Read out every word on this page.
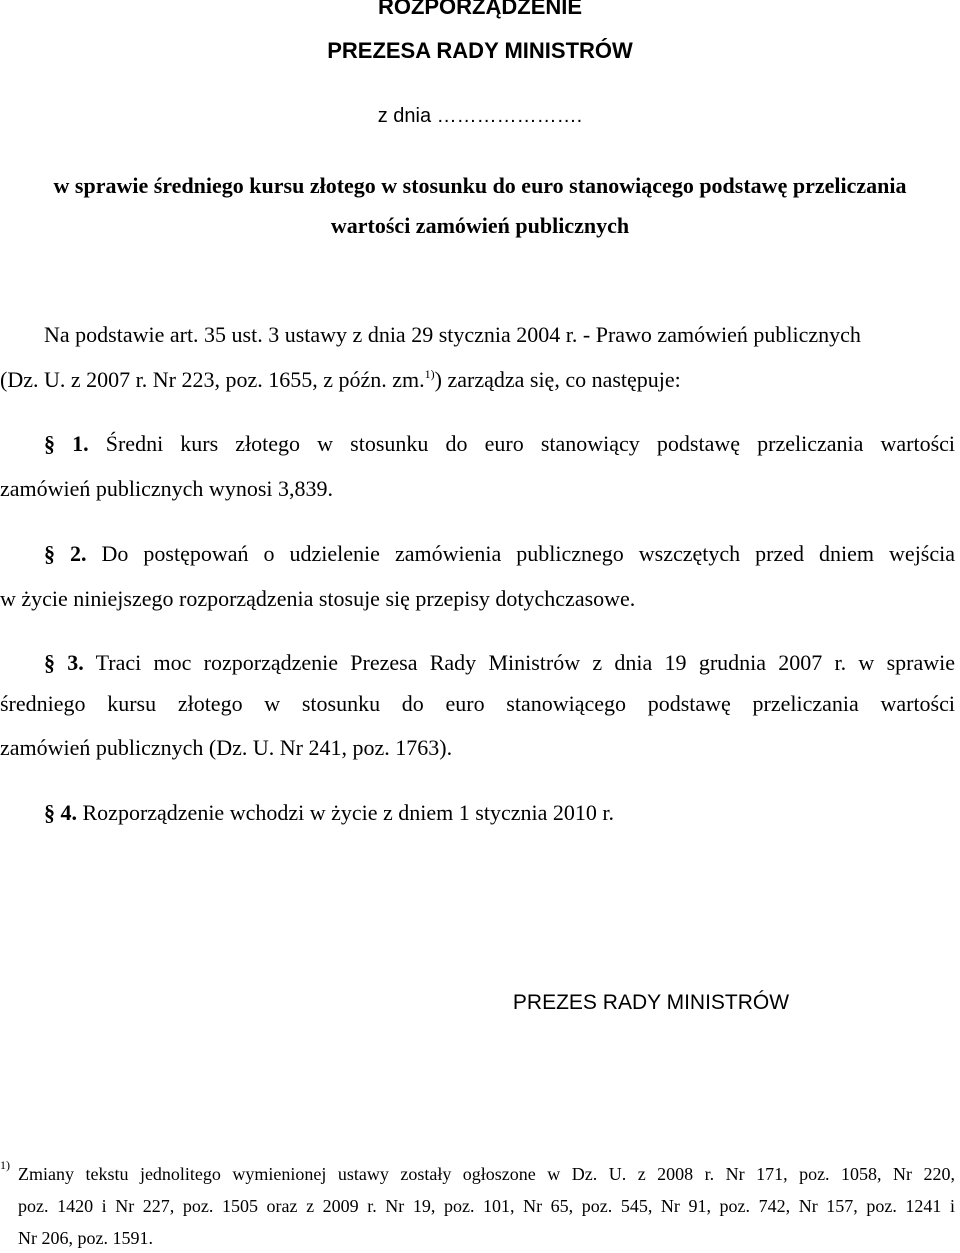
ROZPORZĄDZENIE
PREZESA RADY MINISTRÓW
z dnia ………………….
w sprawie średniego kursu złotego w stosunku do euro stanowiącego podstawę przeliczania
wartości zamówień publicznych
Na podstawie art. 35 ust. 3 ustawy z dnia 29 stycznia 2004 r. - Prawo zamówień publicznych
(Dz. U. z 2007 r. Nr 223, poz. 1655, z późn. zm.$^{1)}$) zarządza się, co następuje:
§ 1. Średni kurs złotego w stosunku do euro stanowiący podstawę przeliczania wartości
zamówień publicznych wynosi 3,839.
§ 2. Do postępowań o udzielenie zamówienia publicznego wszczętych przed dniem wejścia
w życie niniejszego rozporządzenia stosuje się przepisy dotychczasowe.
§ 3. Traci moc rozporządzenie Prezesa Rady Ministrów z dnia 19 grudnia 2007 r. w sprawie
średniego kursu złotego w stosunku do euro stanowiącego podstawę przeliczania wartości
zamówień publicznych (Dz. U. Nr 241, poz. 1763).
§ 4. Rozporządzenie wchodzi w życie z dniem 1 stycznia 2010 r.
PREZES RADY MINISTRÓW
1) Zmiany tekstu jednolitego wymienionej ustawy zostały ogłoszone w Dz. U. z 2008 r. Nr 171, poz. 1058, Nr 220,
poz. 1420 i Nr 227, poz. 1505 oraz z 2009 r. Nr 19, poz. 101, Nr 65, poz. 545, Nr 91, poz. 742, Nr 157, poz. 1241 i
Nr 206, poz. 1591.
